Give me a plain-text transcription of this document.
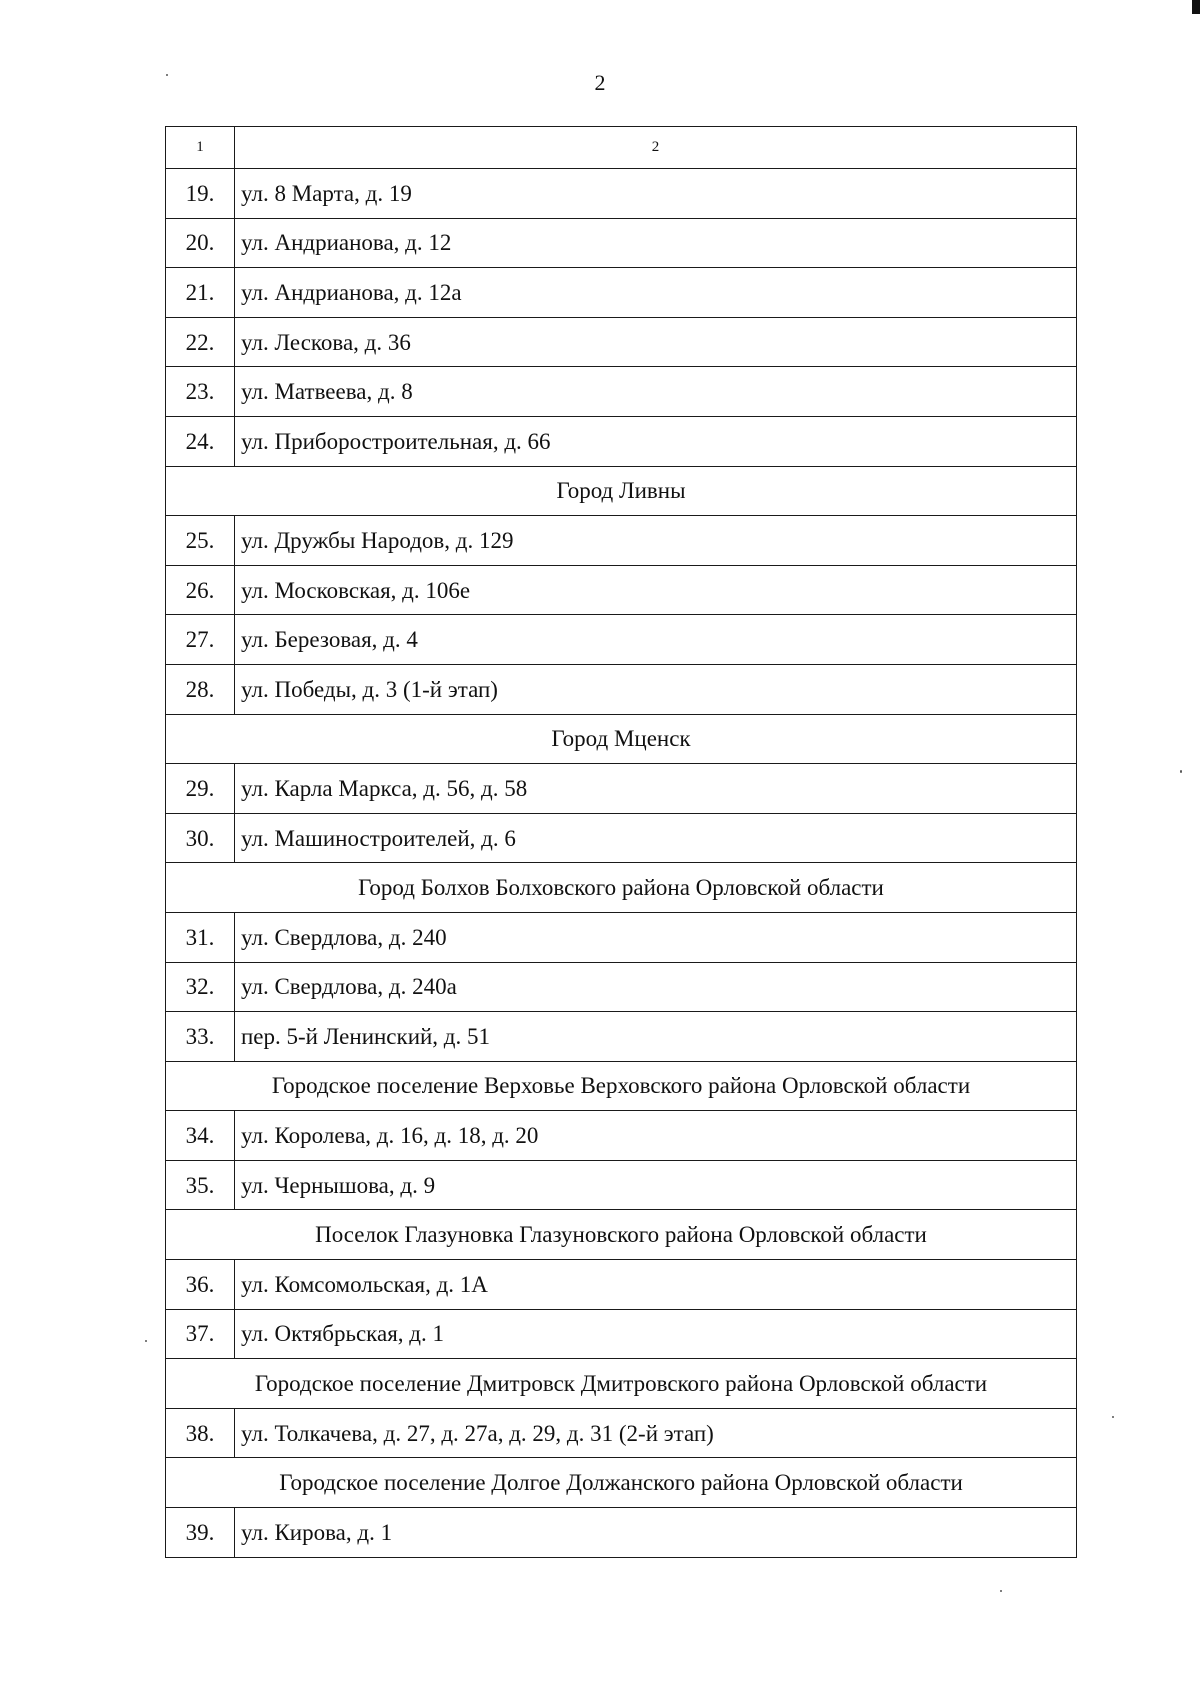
2
1	2
19.	ул. 8 Марта, д. 19
20.	ул. Андрианова, д. 12
21.	ул. Андрианова, д. 12а
22.	ул. Лескова, д. 36
23.	ул. Матвеева, д. 8
24.	ул. Приборостроительная, д. 66
Город Ливны	
25.	ул. Дружбы Народов, д. 129
26.	ул. Московская, д. 106е
27.	ул. Березовая, д. 4
28.	ул. Победы, д. 3 (1-й этап)
Город Мценск	
29.	ул. Карла Маркса, д. 56, д. 58
30.	ул. Машиностроителей, д. 6
Город Болхов Болховского района Орловской области	
31.	ул. Свердлова, д. 240
32.	ул. Свердлова, д. 240а
33.	пер. 5-й Ленинский, д. 51
Городское поселение Верховье Верховского района Орловской области	
34.	ул. Королева, д. 16, д. 18, д. 20
35.	ул. Чернышова, д. 9
Поселок Глазуновка Глазуновского района Орловской области	
36.	ул. Комсомольская, д. 1А
37.	ул. Октябрьская, д. 1
Городское поселение Дмитровск Дмитровского района Орловской области	
38.	ул. Толкачева, д. 27, д. 27а, д. 29, д. 31 (2-й этап)
Городское поселение Долгое Должанского района Орловской области	
39.	ул. Кирова, д. 1
